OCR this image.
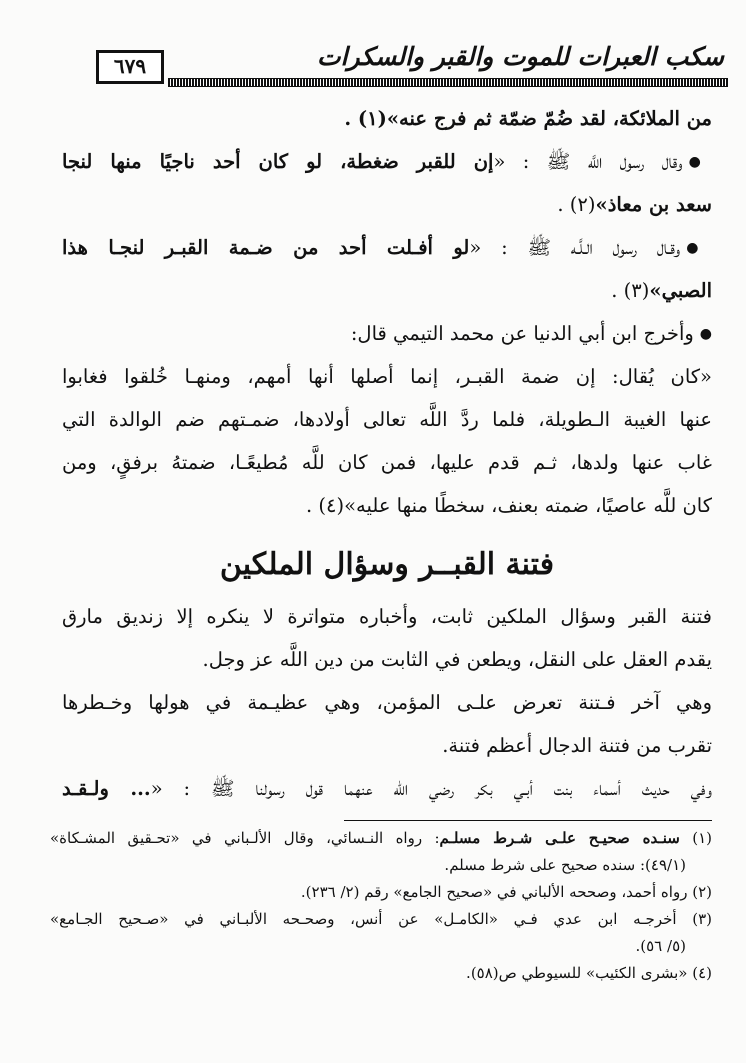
سكب العبرات للموت والقبر والسكرات
٦٧٩
من الملائكة، لقد ضُمّ ضمّة ثم فرج عنه»(١) .
●وقال رسول اللَّه ﷺ : «إن للقبر ضغطة، لو كان أحد ناجيًا منها لنجا
سعد بن معاذ»(٢) .
●وقـال رسول الـلَّـه ﷺ : «لو أفـلت أحد من ضـمة القبـر لنجـا هذا
الصبي»(٣) .
●وأخرج ابن أبي الدنيا عن محمد التيمي قال:
«كان يُقال: إن ضمة القبـر، إنما أصلها أنها أمهم، ومنهـا خُلقوا فغابوا
عنها الغيبة الـطويلة، فلما ردَّ اللَّه تعالى أولادها، ضمـتهم ضم الوالدة التي
غاب عنها ولدها، ثـم قدم عليها، فمن كان للَّه مُطيعًـا، ضمتهُ برفقٍ، ومن
كان للَّه عاصيًا، ضمته بعنف، سخطًا منها عليه»(٤) .
فتنة القبــر وسؤال الملكين
فتنة القبر وسؤال الملكين ثابت، وأخباره متواترة لا ينكره إلا زنديق مارق
يقدم العقل على النقل، ويطعن في الثابت من دين اللَّه عز وجل.
وهي آخر فـتنة تعرض علـى المؤمن، وهي عظيـمة في هولها وخـطرها
تقرب من فتنة الدجال أعظم فتنة.
وفي حديث أسماء بنت أبـي بكر رضي الله عنهما قول رسولنا ﷺ : «... ولـقـد
(١) سنـده صحيـح علـى شـرط مسلـم: رواه النـسائي، وقال الألـباني في «تحـقيق المشـكاة»
(٤٩/١): سنده صحيح على شرط مسلم.
(٢) رواه أحمد، وصححه الألباني في «صحيح الجامع» رقم (٢/ ٢٣٦).
(٣) أخرجـه ابن عدي فـي «الكامـل» عن أنس، وصحـحه الألبـاني في «صـحيح الجـامع»
(٥/ ٥٦).
(٤) «بشرى الكئيب» للسيوطي ص(٥٨).
